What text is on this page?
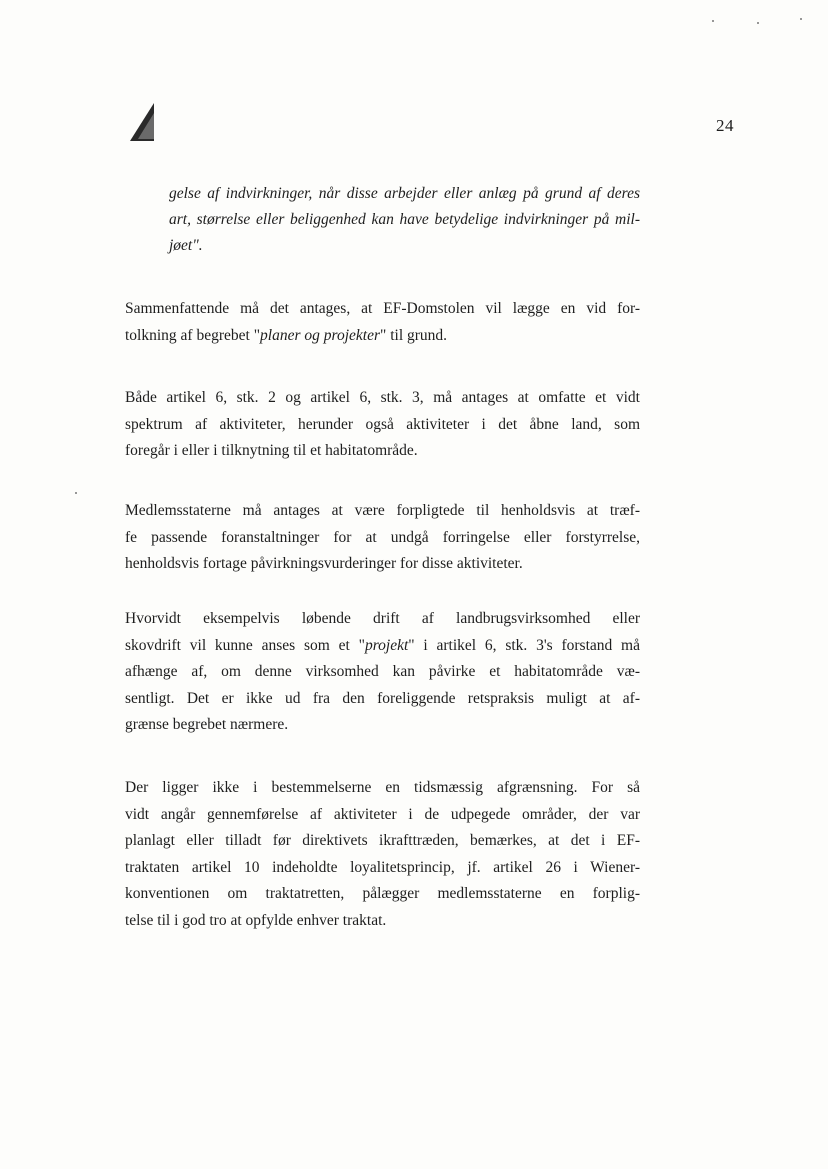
24
gelse af indvirkninger, når disse arbejder eller anlæg på grund af deres
art, størrelse eller beliggenhed kan have betydelige indvirkninger på mil-
jøet".
Sammenfattende må det antages, at EF-Domstolen vil lægge en vid for-
tolkning af begrebet "planer og projekter" til grund.
Både artikel 6, stk. 2 og artikel 6, stk. 3, må antages at omfatte et vidt
spektrum af aktiviteter, herunder også aktiviteter i det åbne land, som
foregår i eller i tilknytning til et habitatområde.
Medlemsstaterne må antages at være forpligtede til henholdsvis at træf-
fe passende foranstaltninger for at undgå forringelse eller forstyrrelse,
henholdsvis fortage påvirkningsvurderinger for disse aktiviteter.
Hvorvidt eksempelvis løbende drift af landbrugsvirksomhed eller
skovdrift vil kunne anses som et "projekt" i artikel 6, stk. 3's forstand må
afhænge af, om denne virksomhed kan påvirke et habitatområde væ-
sentligt. Det er ikke ud fra den foreliggende retspraksis muligt at af-
grænse begrebet nærmere.
Der ligger ikke i bestemmelserne en tidsmæssig afgrænsning. For så
vidt angår gennemførelse af aktiviteter i de udpegede områder, der var
planlagt eller tilladt før direktivets ikrafttræden, bemærkes, at det i EF-
traktaten artikel 10 indeholdte loyalitetsprincip, jf. artikel 26 i Wiener-
konventionen om traktatretten, pålægger medlemsstaterne en forplig-
telse til i god tro at opfylde enhver traktat.
